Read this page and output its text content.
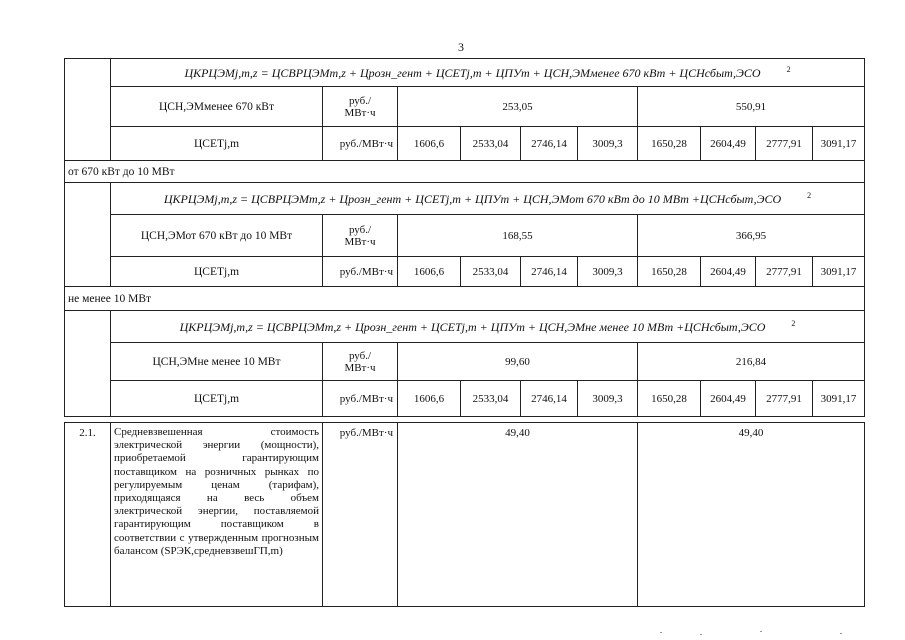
3
	ЦКРЦЭМj,m,z = ЦСВРЦЭМm,z + Црозн_генm + ЦСЕТj,m + ЦПУm + ЦСН,ЭМменее 670 кВт + ЦСНсбыт,ЭСО $^2$
	ЦСН,ЭМменее 670 кВт	руб./
МВт·ч	253,05				550,91			
	ЦСЕТj,m	руб./МВт·ч	1606,6	2533,04	2746,14	3009,3	1650,28	2604,49	2777,91	3091,17
от 670 кВт до 10 МВт										
	ЦКРЦЭМj,m,z = ЦСВРЦЭМm,z + Црозн_генm + ЦСЕТj,m + ЦПУm + ЦСН,ЭМот 670 кВт до 10 МВт +ЦСНсбыт,ЭСО $^2$
	ЦСН,ЭМот 670 кВт до 10 МВт	руб./
МВт·ч	168,55				366,95			
	ЦСЕТj,m	руб./МВт·ч	1606,6	2533,04	2746,14	3009,3	1650,28	2604,49	2777,91	3091,17
не менее 10 МВт										
	ЦКРЦЭМj,m,z = ЦСВРЦЭМm,z + Црозн_генm + ЦСЕТj,m + ЦПУm + ЦСН,ЭМне менее 10 МВт +ЦСНсбыт,ЭСО $^2$
	ЦСН,ЭМне менее 10 МВт	руб./
МВт·ч	99,60				216,84			
	ЦСЕТj,m	руб./МВт·ч	1606,6	2533,04	2746,14	3009,3	1650,28	2604,49	2777,91	3091,17

2.1.	Средневзвешенная стоимость электрической энергии (мощности), приобретаемой гарантирующим поставщиком на розничных рынках по регулируемым ценам (тарифам), приходящаяся на весь объем электрической энергии, поставляемой гарантирующим поставщиком в соответствии с утвержденным прогнозным балансом (SРЭК,средневзвешГП,m)	руб./МВт·ч	49,40				49,40			
